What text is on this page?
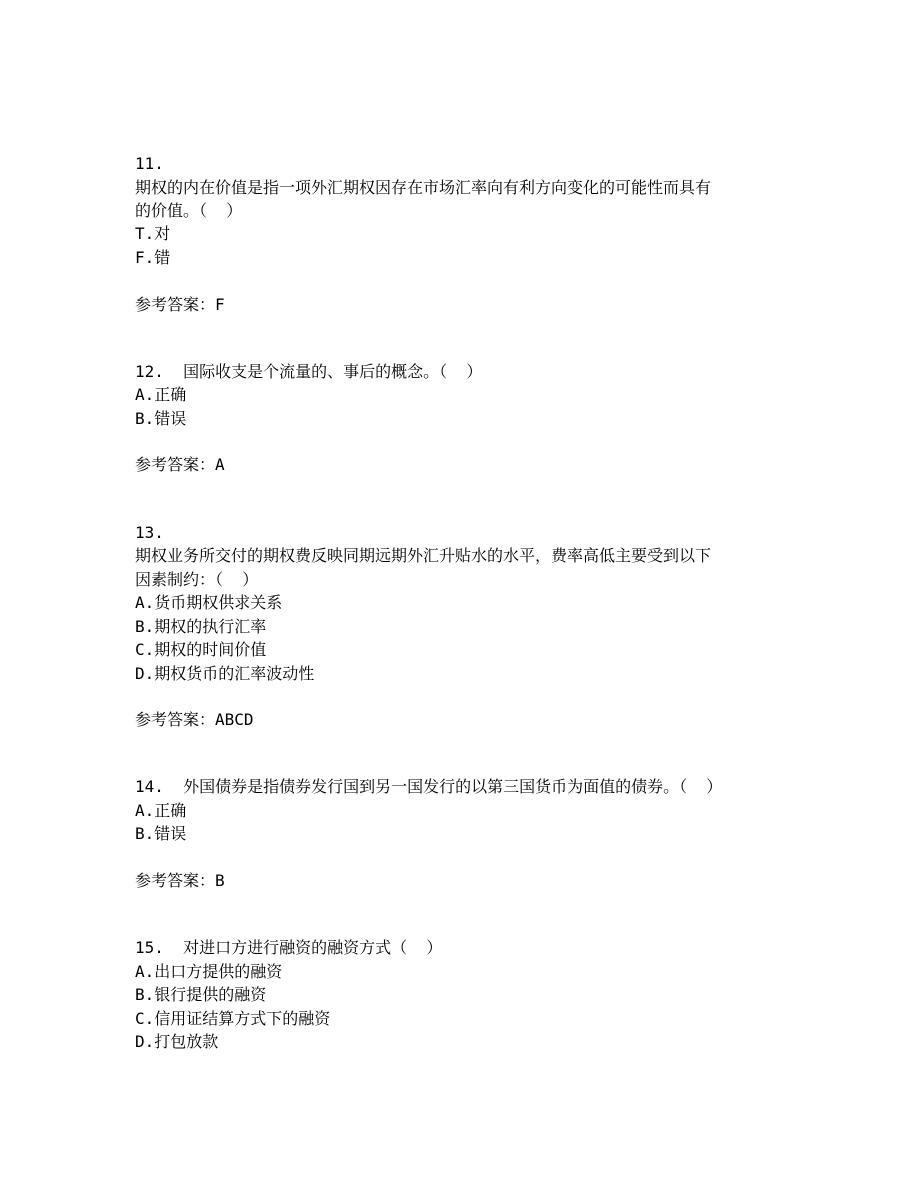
11.
期权的内在价值是指一项外汇期权因存在市场汇率向有利方向变化的可能性而具有
的价值。（  ）
T.对
F.错
参考答案：F
12.  国际收支是个流量的、事后的概念。（  ）
A.正确
B.错误
参考答案：A
13.
期权业务所交付的期权费反映同期远期外汇升贴水的水平，费率高低主要受到以下
因素制约：（  ）
A.货币期权供求关系
B.期权的执行汇率
C.期权的时间价值
D.期权货币的汇率波动性
参考答案：ABCD
14.  外国债券是指债券发行国到另一国发行的以第三国货币为面值的债券。（  ）
A.正确
B.错误
参考答案：B
15.  对进口方进行融资的融资方式（  ）
A.出口方提供的融资
B.银行提供的融资
C.信用证结算方式下的融资
D.打包放款
